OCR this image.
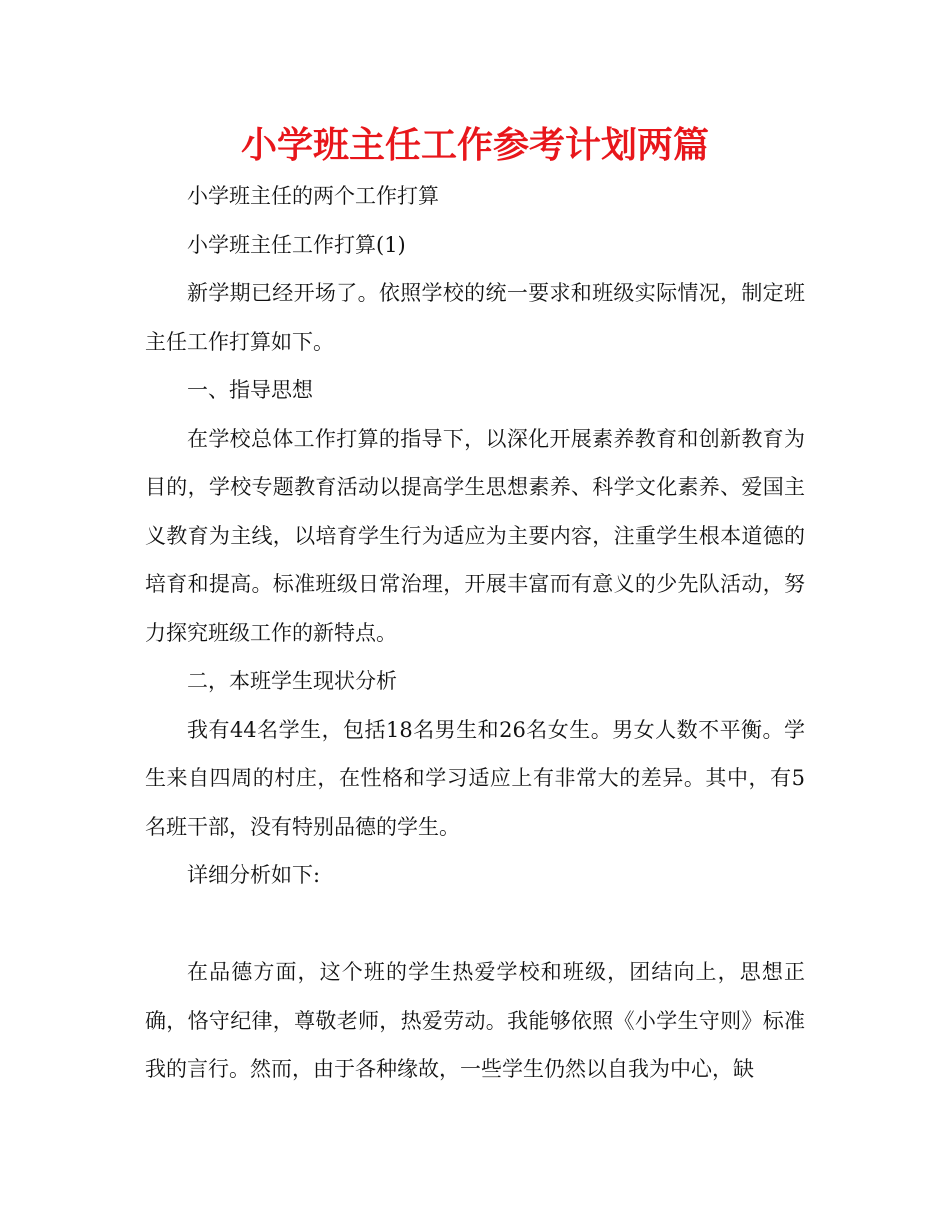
小学班主任工作参考计划两篇

小学班主任的两个工作打算

小学班主任工作打算(1)

新学期已经开场了。依照学校的统一要求和班级实际情况，制定班主任工作打算如下。

一、指导思想

在学校总体工作打算的指导下，以深化开展素养教育和创新教育为目的，学校专题教育活动以提高学生思想素养、科学文化素养、爱国主义教育为主线，以培育学生行为适应为主要内容，注重学生根本道德的培育和提高。标准班级日常治理，开展丰富而有意义的少先队活动，努力探究班级工作的新特点。

二，本班学生现状分析

我有44名学生，包括18名男生和26名女生。男女人数不平衡。学生来自四周的村庄，在性格和学习适应上有非常大的差异。其中，有5名班干部，没有特别品德的学生。

详细分析如下:

在品德方面，这个班的学生热爱学校和班级，团结向上，思想正确，恪守纪律，尊敬老师，热爱劳动。我能够依照《小学生守则》标准我的言行。然而，由于各种缘故，一些学生仍然以自我为中心，缺
